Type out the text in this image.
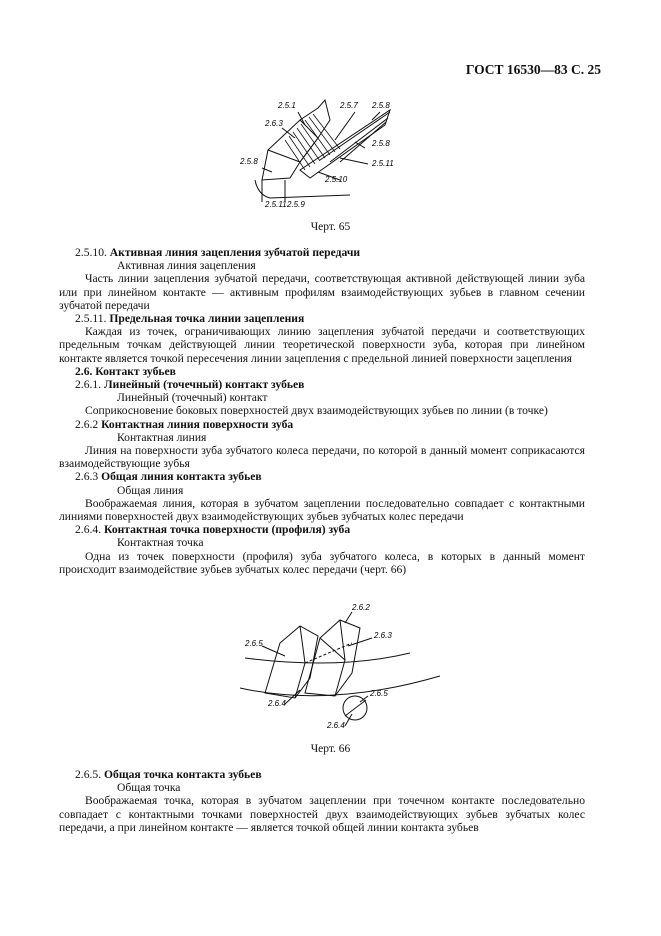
ГОСТ 16530—83 С. 25
2.5.1	2.5.7 2.5.8
2.6.3
2.5.8
2.5.8	2.5.11
2.5.10
2.5.11 2.5.9
Черт. 65
2.5.10. Активная линия зацепления зубчатой передачи
Активная линия зацепления
Часть линии зацепления зубчатой передачи, соответствующая активной действующей линии зуба или при линейном контакте — активным профилям взаимодействующих зубьев в главном сечении зубчатой передачи
2.5.11. Предельная точка линии зацепления
Каждая из точек, ограничивающих линию зацепления зубчатой передачи и соответствующих предельным точкам действующей линии теоретической поверхности зуба, которая при линейном контакте является точкой пересечения линии зацепления с предельной линией поверхности зацепления
2.6. Контакт зубьев
2.6.1. Линейный (точечный) контакт зубьев
Линейный (точечный) контакт
Соприкосновение боковых поверхностей двух взаимодействующих зубьев по линии (в точке)
2.6.2 Контактная линия поверхности зуба
Контактная линия
Линия на поверхности зуба зубчатого колеса передачи, по которой в данный момент соприкасаются взаимодействующие зубья
2.6.3 Общая линия контакта зубьев
Общая линия
Воображаемая линия, которая в зубчатом зацеплении последовательно совпадает с контактными линиями поверхностей двух взаимодействующих зубьев зубчатых колес передачи
2.6.4. Контактная точка поверхности (профиля) зуба
Контактная точка
Одна из точек поверхности (профиля) зуба зубчатого колеса, в которых в данный момент происходит взаимодействие зубьев зубчатых колес передачи (черт. 66)
2.6.2
2.6.3
2.6.5
2.6.5
2.6.4
2.6.4
Черт. 66
2.6.5. Общая точка контакта зубьев
Общая точка
Воображаемая точка, которая в зубчатом зацеплении при точечном контакте последовательно совпадает с контактными точками поверхностей двух взаимодействующих зубьев зубчатых колес передачи, а при линейном контакте — является точкой общей линии контакта зубьев
